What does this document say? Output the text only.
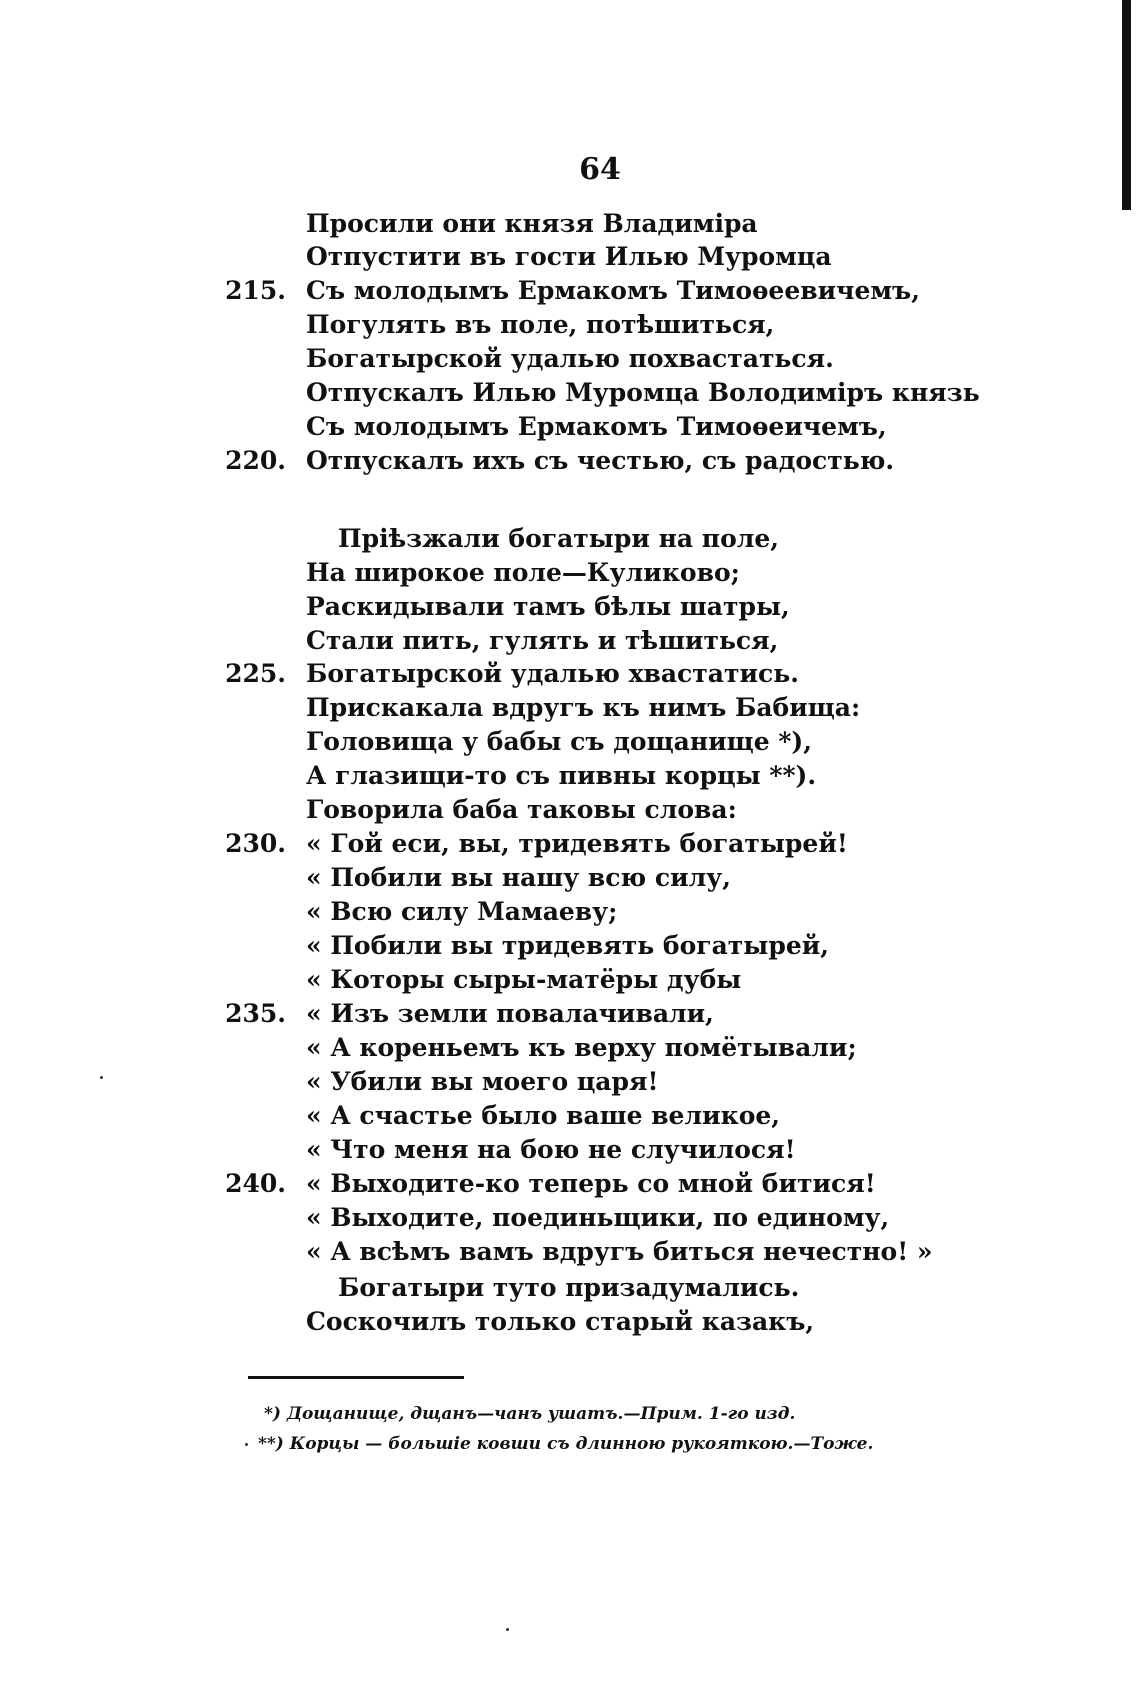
64
Просили они князя Владиміра
Отпустити въ гости Илью Муромца
215. Съ молодымъ Ермакомъ Тимоѳеевичемъ,
Погулять въ поле, потѣшиться,
Богатырской удалью похвастаться.
Отпускалъ Илью Муромца Володиміръ князь
Съ молодымъ Ермакомъ Тимоѳеичемъ,
220. Отпускалъ ихъ съ честью, съ радостью.
Пріѣзжали богатыри на поле,
На широкое поле—Куликово;
Раскидывали тамъ бѣлы шатры,
Стали пить, гулять и тѣшиться,
225. Богатырской удалью хвастатись.
Прискакала вдругъ къ нимъ Бабища:
Головища у бабы съ дощанище *),
А глазищи-то съ пивны корцы **).
Говорила баба таковы слова:
230. « Гой еси, вы, тридевять богатырей!
« Побили вы нашу всю силу,
« Всю силу Мамаеву;
« Побили вы тридевять богатырей,
« Которы сыры-матёры дубы
235. « Изъ земли повалачивали,
« А кореньемъ къ верху помётывали;
« Убили вы моего царя!
« А счастье было ваше великое,
« Что меня на бою не случилося!
240. « Выходите-ко теперь со мной битися!
« Выходите, поединьщики, по единому,
« А всѣмъ вамъ вдругъ биться нечестно! »
Богатыри туто призадумались.
Соскочилъ только старый казакъ,
*) Дощанище, дщанъ—чанъ ушатъ.—Прим. 1-го изд.
**) Корцы — большіе ковши съ длинною рукояткою.—Тоже.
